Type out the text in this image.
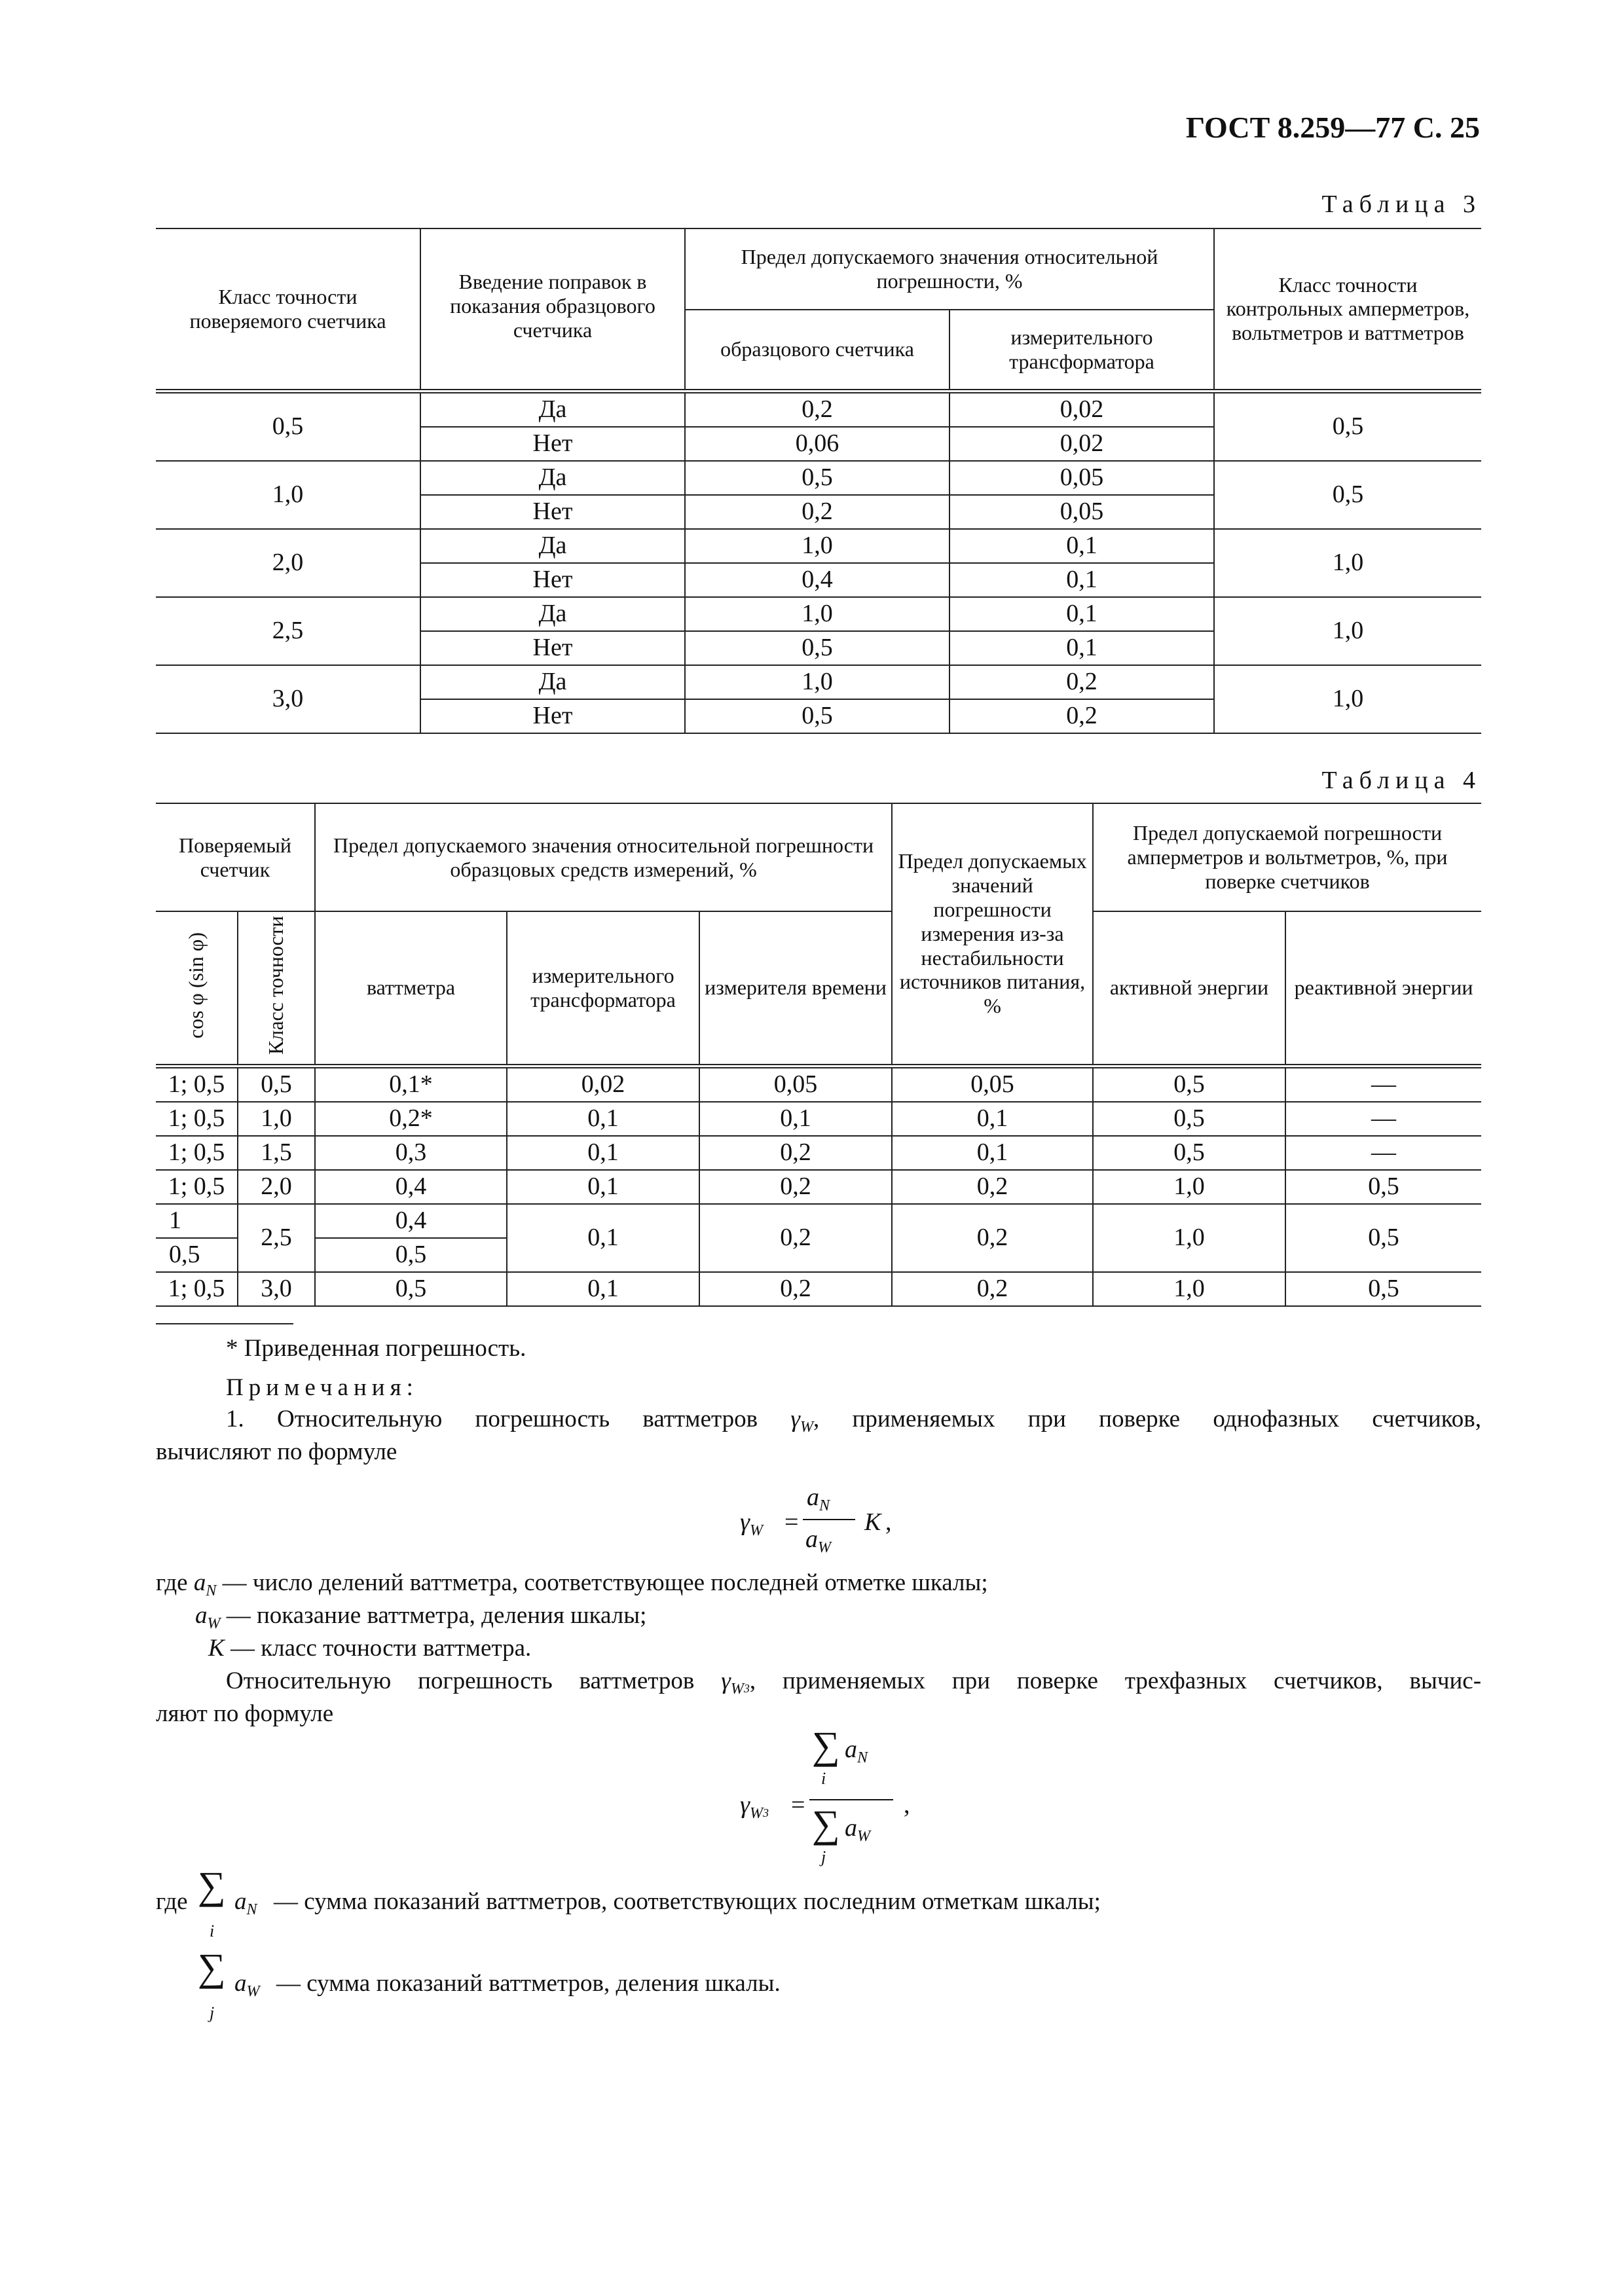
ГОСТ 8.259—77 С. 25
Таблица 3
Класс точности поверяемого счетчика	Введение поправок в показания образцового счетчика	Предел допускаемого значения относительной погрешности, %		Класс точности контрольных амперметров, вольтметров и ваттметров
		образцового счетчика	измерительного трансформатора	
0,5	Да	0,2	0,02	0,5
	Нет	0,06	0,02	
1,0	Да	0,5	0,05	0,5
	Нет	0,2	0,05	
2,0	Да	1,0	0,1	1,0
	Нет	0,4	0,1	
2,5	Да	1,0	0,1	1,0
	Нет	0,5	0,1	
3,0	Да	1,0	0,2	1,0
	Нет	0,5	0,2	
Таблица 4
Поверяемый счетчик		Предел допускаемого значения относительной погрешности образцовых средств измерений, %			Предел допускаемых значений погрешности измерения из-за нестабильности источников питания, %	Предел допускаемой погрешности амперметров и вольтметров, %, при поверке счетчиков	
cos φ (sin φ)	Класс точности	ваттметра	измерительного трансформатора	измерителя времени		активной энергии	реактивной энергии
1; 0,5	0,5	0,1*	0,02	0,05	0,05	0,5	—
1; 0,5	1,0	0,2*	0,1	0,1	0,1	0,5	—
1; 0,5	1,5	0,3	0,1	0,2	0,1	0,5	—
1; 0,5	2,0	0,4	0,1	0,2	0,2	1,0	0,5
1	2,5	0,4	0,1	0,2	0,2	1,0	0,5
0,5		0,5					
1; 0,5	3,0	0,5	0,1	0,2	0,2	1,0	0,5
* Приведенная погрешность.
Примечания:
1. Относительную погрешность ваттметров $\gamma_W$, применяемых при поверке однофазных счетчиков,
вычисляют по формуле
$\gamma_W$ =
$a_N$
$a_W$
K ,
где $a_N$ — число делений ваттметра, соответствующее последней отметке шкалы;
$a_W$ — показание ваттметра, деления шкалы;
K — класс точности ваттметра.
Относительную погрешность ваттметров $\gamma_W3$, применяемых при поверке трехфазных счетчиков, вычис-
ляют по формуле
$\gamma_W3$ =
∑ $a_N$
i
∑ $a_W$
j
,
где ∑
i
$a_N$ — сумма показаний ваттметров, соответствующих последним отметкам шкалы;
∑
j
$a_W$ — сумма показаний ваттметров, деления шкалы.
